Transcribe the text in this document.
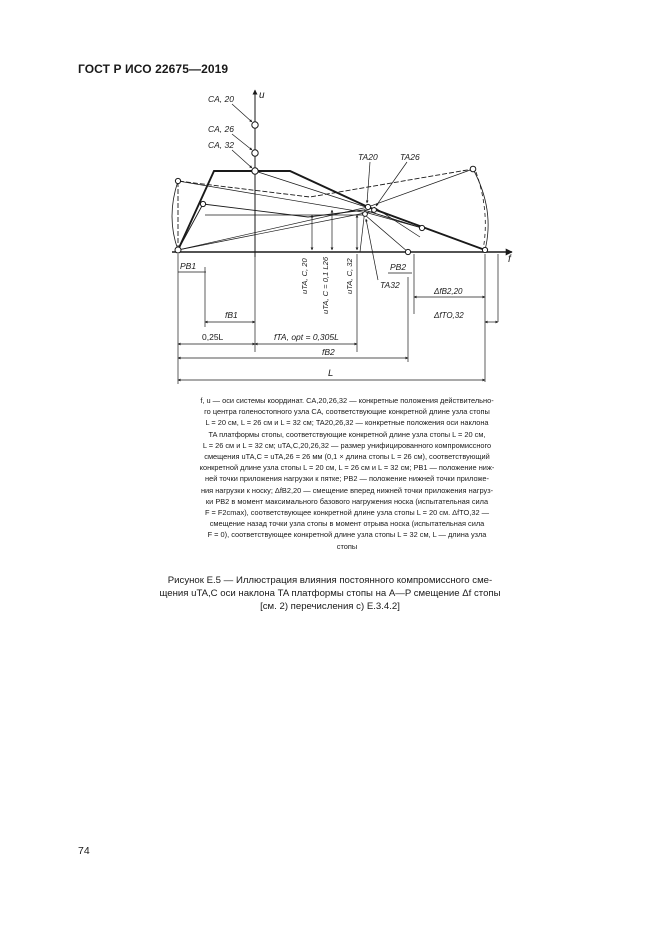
ГОСТ Р ИСО 22675—2019
u
f
CA, 20
CA, 26
CA, 32
TA20	TA26
TA32
PB1	PB2
uTA, C, 20 uTA, C = 0,1 L26 uTA, C, 32	ΔfB2,20
ΔfTO,32
fB1
0,25L	fTA, opt = 0,305L
fB2
L
f, u — оси системы координат. CA,20,26,32 — конкретные положения действительно-
го центра голеностопного узла CA, соответствующие конкретной длине узла стопы
L = 20 см, L = 26 см и L = 32 см; TA20,26,32 — конкретные положения оси наклона
TA платформы стопы, соответствующие конкретной длине узла стопы L = 20 см,
L = 26 см и L = 32 см; uTA,C,20,26,32 — размер унифицированного компромиссного
смещения uTA,C = uTA,26 = 26 мм (0,1 × длина стопы L = 26 см), соответствующий
конкретной длине узла стопы L = 20 см, L = 26 см и L = 32 см; PB1 — положение ниж-
ней точки приложения нагрузки к пятке; PB2 — положение нижней точки приложе-
ния нагрузки к носку; ΔfB2,20 — смещение вперед нижней точки приложения нагруз-
ки PB2 в момент максимального базового нагружения носка (испытательная сила
F = F2cmax), соответствующее конкретной длине узла стопы L = 20 см. ΔfTO,32 —
смещение назад точки узла стопы в момент отрыва носка (испытательная сила
F = 0), соответствующее конкретной длине узла стопы L = 32 см, L — длина узла
стопы
Рисунок Е.5 — Иллюстрация влияния постоянного компромиссного сме-
щения uTA,C оси наклона TA платформы стопы на A—P смещение Δf стопы
[см. 2) перечисления с) Е.3.4.2]
74
